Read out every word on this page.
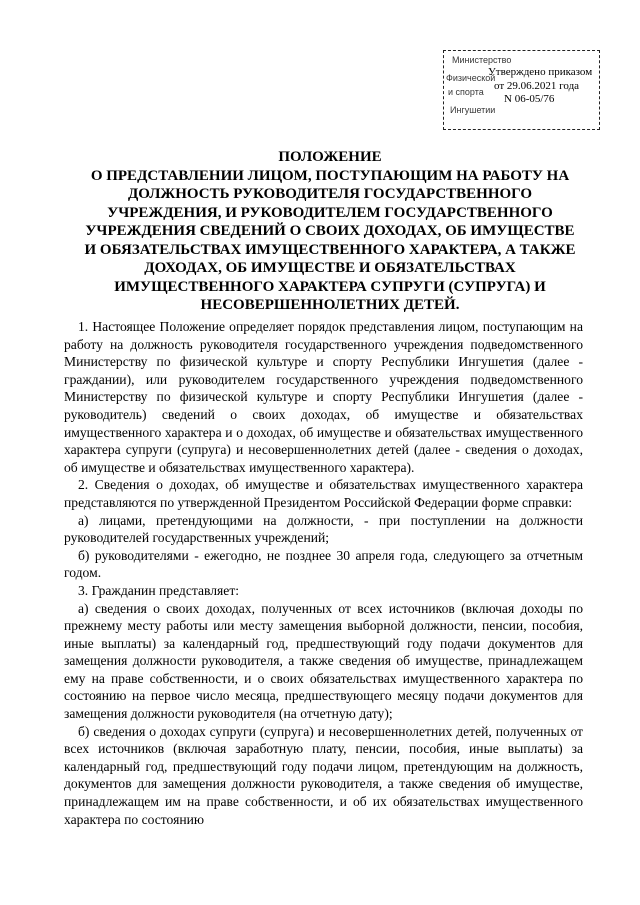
Министерство
Физической
и спорта
Ингушетии
Утверждено приказом
от 29.06.2021 года
N 06-05/76
ПОЛОЖЕНИЕ
О ПРЕДСТАВЛЕНИИ ЛИЦОМ, ПОСТУПАЮЩИМ НА РАБОТУ НА
ДОЛЖНОСТЬ РУКОВОДИТЕЛЯ ГОСУДАРСТВЕННОГО
УЧРЕЖДЕНИЯ, И РУКОВОДИТЕЛЕМ ГОСУДАРСТВЕННОГО
УЧРЕЖДЕНИЯ СВЕДЕНИЙ О СВОИХ ДОХОДАХ, ОБ ИМУЩЕСТВЕ
И ОБЯЗАТЕЛЬСТВАХ ИМУЩЕСТВЕННОГО ХАРАКТЕРА, А ТАКЖЕ
ДОХОДАХ, ОБ ИМУЩЕСТВЕ И ОБЯЗАТЕЛЬСТВАХ
ИМУЩЕСТВЕННОГО ХАРАКТЕРА СУПРУГИ (СУПРУГА) И
НЕСОВЕРШЕННОЛЕТНИХ ДЕТЕЙ.

1. Настоящее Положение определяет порядок представления лицом, поступающим на работу на должность руководителя государственного учреждения подведомственного Министерству по физической культуре и спорту Республики Ингушетия (далее - граждании), или руководителем государственного учреждения подведомственного Министерству по физической культуре и спорту Республики Ингушетия (далее - руководитель) сведений о своих доходах, об имуществе и обязательствах имущественного характера и о доходах, об имуществе и обязательствах имущественного характера супруги (супруга) и несовершеннолетних детей (далее - сведения о доходах, об имуществе и обязательствах имущественного характера).

2. Сведения о доходах, об имуществе и обязательствах имущественного характера представляются по утвержденной Президентом Российской Федерации форме справки:

а) лицами, претендующими на должности, - при поступлении на должности руководителей государственных учреждений;

б) руководителями - ежегодно, не позднее 30 апреля года, следующего за отчетным годом.

3. Гражданин представляет:

а) сведения о своих доходах, полученных от всех источников (включая доходы по прежнему месту работы или месту замещения выборной должности, пенсии, пособия, иные выплаты) за календарный год, предшествующий году подачи документов для замещения должности руководителя, а также сведения об имуществе, принадлежащем ему на праве собственности, и о своих обязательствах имущественного характера по состоянию на первое число месяца, предшествующего месяцу подачи документов для замещения должности руководителя (на отчетную дату);

б) сведения о доходах супруги (супруга) и несовершеннолетних детей, полученных от всех источников (включая заработную плату, пенсии, пособия, иные выплаты) за календарный год, предшествующий году подачи лицом, претендующим на должность, документов для замещения должности руководителя, а также сведения об имуществе, принадлежащем им на праве собственности, и об их обязательствах имущественного характера по состоянию
